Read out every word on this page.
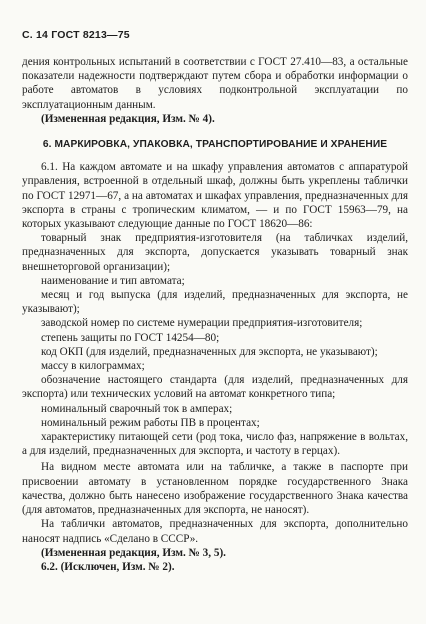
С. 14 ГОСТ 8213—75

дения контрольных испытаний в соответствии с ГОСТ 27.410—83, а остальные показатели надежности подтверждают путем сбора и обработки информации о работе автоматов в условиях подконтрольной эксплуатации по эксплуатационным данным.

(Измененная редакция, Изм. № 4).

6. МАРКИРОВКА, УПАКОВКА, ТРАНСПОРТИРОВАНИЕ И ХРАНЕНИЕ

6.1. На каждом автомате и на шкафу управления автоматов с аппаратурой управления, встроенной в отдельный шкаф, должны быть укреплены таблички по ГОСТ 12971—67, а на автоматах и шкафах управления, предназначенных для экспорта в страны с тропическим климатом, — и по ГОСТ 15963—79, на которых указывают следующие данные по ГОСТ 18620—86:

товарный знак предприятия-изготовителя (на табличках изделий, предназначенных для экспорта, допускается указывать товарный знак внешнеторговой организации);

наименование и тип автомата;

месяц и год выпуска (для изделий, предназначенных для экспорта, не указывают);

заводской номер по системе нумерации предприятия-изготовителя;

степень защиты по ГОСТ 14254—80;

код ОКП (для изделий, предназначенных для экспорта, не указывают);

массу в килограммах;

обозначение настоящего стандарта (для изделий, предназначенных для экспорта) или технических условий на автомат конкретного типа;

номинальный сварочный ток в амперах;

номинальный режим работы ПВ в процентах;

характеристику питающей сети (род тока, число фаз, напряжение в вольтах, а для изделий, предназначенных для экспорта, и частоту в герцах).

На видном месте автомата или на табличке, а также в паспорте при присвоении автомату в установленном порядке государственного Знака качества, должно быть нанесено изображение государственного Знака качества (для автоматов, предназначенных для экспорта, не наносят).

На таблички автоматов, предназначенных для экспорта, дополнительно наносят надпись «Сделано в СССР».

(Измененная редакция, Изм. № 3, 5).

6.2. (Исключен, Изм. № 2).
